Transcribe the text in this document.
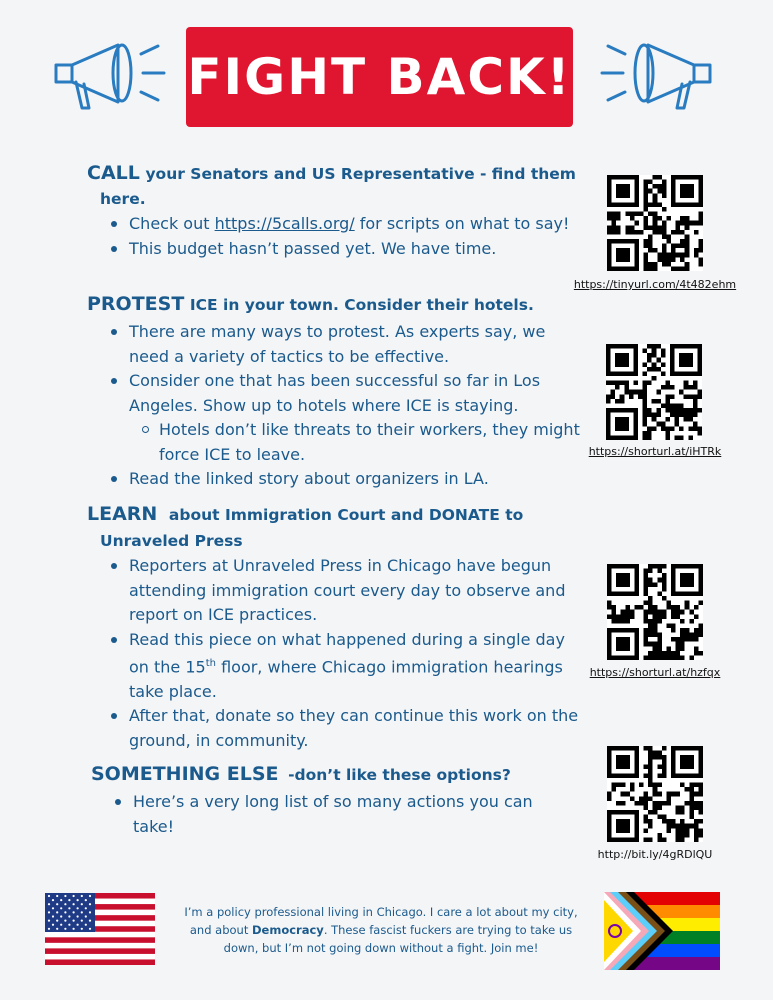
FIGHT BACK!
CALL your Senators and US Representative - find them
here.
Check out https://5calls.org/ for scripts on what to say!
This budget hasn’t passed yet. We have time.
PROTEST ICE in your town. Consider their hotels.
There are many ways to protest. As experts say, we need a variety of tactics to be effective.
Consider one that has been successful so far in Los Angeles. Show up to hotels where ICE is staying.
Hotels don’t like threats to their workers, they might force ICE to leave.
Read the linked story about organizers in LA.
LEARN about Immigration Court and DONATE to
Unraveled Press
Reporters at Unraveled Press in Chicago have begun attending immigration court every day to observe and report on ICE practices.
Read this piece on what happened during a single day on the 15th floor, where Chicago immigration hearings take place.
After that, donate so they can continue this work on the ground, in community.
SOMETHING ELSE -don’t like these options?
Here’s a very long list of so many actions you can take!
https://tinyurl.com/4t482ehm
https://shorturl.at/iHTRk
https://shorturl.at/hzfqx
http://bit.ly/4gRDlQU
I’m a policy professional living in Chicago. I care a lot about my city, and about Democracy. These fascist fuckers are trying to take us down, but I’m not going down without a fight. Join me!
